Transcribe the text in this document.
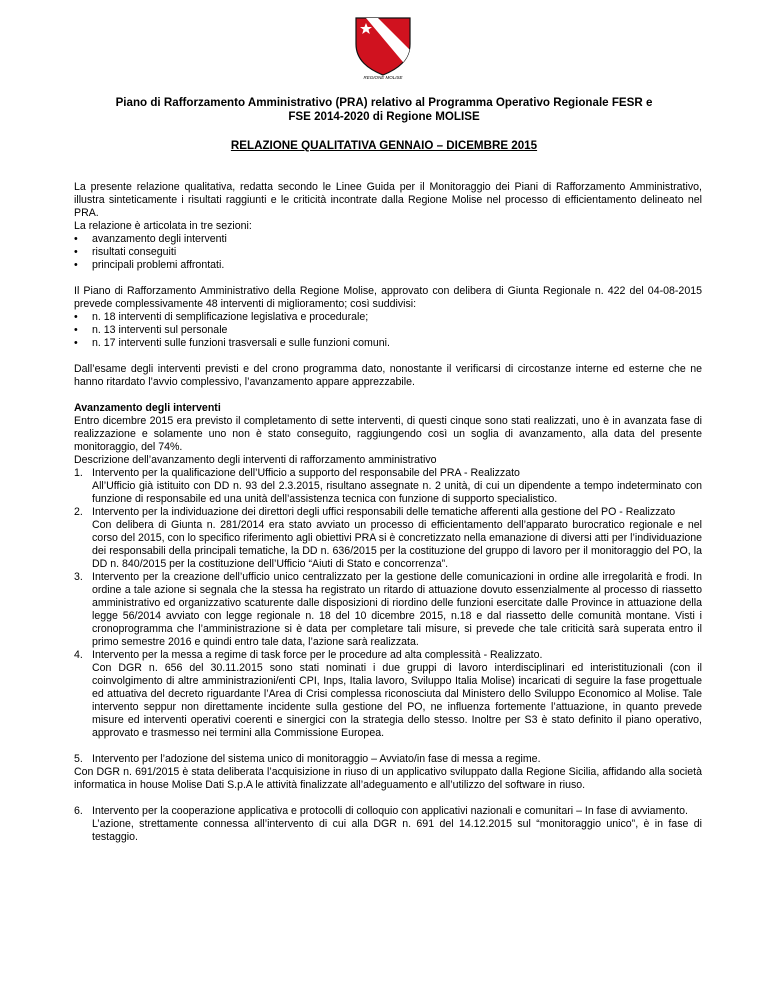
REGIONE MOLISE
Piano di Rafforzamento Amministrativo (PRA) relativo al Programma Operativo Regionale FESR e
FSE 2014-2020 di Regione MOLISE
RELAZIONE QUALITATIVA GENNAIO – DICEMBRE 2015

La presente relazione qualitativa, redatta secondo le Linee Guida per il Monitoraggio dei Piani di Rafforzamento Amministrativo, illustra sinteticamente i risultati raggiunti e le criticità incontrate dalla Regione Molise nel processo di efficientamento delineato nel PRA.

La relazione è articolata in tre sezioni:

• avanzamento degli interventi
• risultati conseguiti
• principali problemi affrontati.

Il Piano di Rafforzamento Amministrativo della Regione Molise, approvato con delibera di Giunta Regionale n. 422 del 04-08-2015 prevede complessivamente 48 interventi di miglioramento; così suddivisi:

• n. 18 interventi di semplificazione legislativa e procedurale;
• n. 13 interventi sul personale
• n. 17 interventi sulle funzioni trasversali e sulle funzioni comuni.

Dall’esame degli interventi previsti e del crono programma dato, nonostante il verificarsi di circostanze interne ed esterne che ne hanno ritardato l’avvio complessivo, l’avanzamento appare apprezzabile.

Avanzamento degli interventi

Entro dicembre 2015 era previsto il completamento di sette interventi, di questi cinque sono stati realizzati, uno è in avanzata fase di realizzazione e solamente uno non è stato conseguito, raggiungendo così un soglia di avanzamento, alla data del presente monitoraggio, del 74%.

Descrizione dell’avanzamento degli interventi di rafforzamento amministrativo

1. Intervento per la qualificazione dell’Ufficio a supporto del responsabile del PRA - Realizzato
All’Ufficio già istituito con DD n. 93 del 2.3.2015, risultano assegnate n. 2 unità, di cui un dipendente a tempo indeterminato con funzione di responsabile ed una unità dell’assistenza tecnica con funzione di supporto specialistico.
2. Intervento per la individuazione dei direttori degli uffici responsabili delle tematiche afferenti alla gestione del PO - Realizzato
Con delibera di Giunta n. 281/2014 era stato avviato un processo di efficientamento dell’apparato burocratico regionale e nel corso del 2015, con lo specifico riferimento agli obiettivi PRA si è concretizzato nella emanazione di diversi atti per l’individuazione dei responsabili della principali tematiche, la DD n. 636/2015 per la costituzione del gruppo di lavoro per il monitoraggio del PO, la DD n. 840/2015 per la costituzione dell’Ufficio “Aiuti di Stato e concorrenza”.
3. Intervento per la creazione dell’ufficio unico centralizzato per la gestione delle comunicazioni in ordine alle irregolarità e frodi. In ordine a tale azione si segnala che la stessa ha registrato un ritardo di attuazione dovuto essenzialmente al processo di riassetto amministrativo ed organizzativo scaturente dalle disposizioni di riordino delle funzioni esercitate dalle Province in attuazione della legge 56/2014 avviato con legge regionale n. 18 del 10 dicembre 2015, n.18 e dal riassetto delle comunità montane. Visti i cronoprogramma che l’amministrazione si è data per completare tali misure, si prevede che tale criticità sarà superata entro il primo semestre 2016 e quindi entro tale data, l’azione sarà realizzata.
4. Intervento per la messa a regime di task force per le procedure ad alta complessità - Realizzato.
Con DGR n. 656 del 30.11.2015 sono stati nominati i due gruppi di lavoro interdisciplinari ed interistituzionali (con il coinvolgimento di altre amministrazioni/enti CPI, Inps, Italia lavoro, Sviluppo Italia Molise) incaricati di seguire la fase progettuale ed attuativa del decreto riguardante l’Area di Crisi complessa riconosciuta dal Ministero dello Sviluppo Economico al Molise. Tale intervento seppur non direttamente incidente sulla gestione del PO, ne influenza fortemente l’attuazione, in quanto prevede misure ed interventi operativi coerenti e sinergici con la strategia dello stesso. Inoltre per S3 è stato definito il piano operativo, approvato e trasmesso nei termini alla Commissione Europea.
5. Intervento per l’adozione del sistema unico di monitoraggio – Avviato/in fase di messa a regime.

Con DGR n. 691/2015 è stata deliberata l’acquisizione in riuso di un applicativo sviluppato dalla Regione Sicilia, affidando alla società informatica in house Molise Dati S.p.A le attività finalizzate all’adeguamento e all’utilizzo del software in riuso.

6. Intervento per la cooperazione applicativa e protocolli di colloquio con applicativi nazionali e comunitari – In fase di avviamento.
L’azione, strettamente connessa all’intervento di cui alla DGR n. 691 del 14.12.2015 sul “monitoraggio unico”, è in fase di testaggio.
